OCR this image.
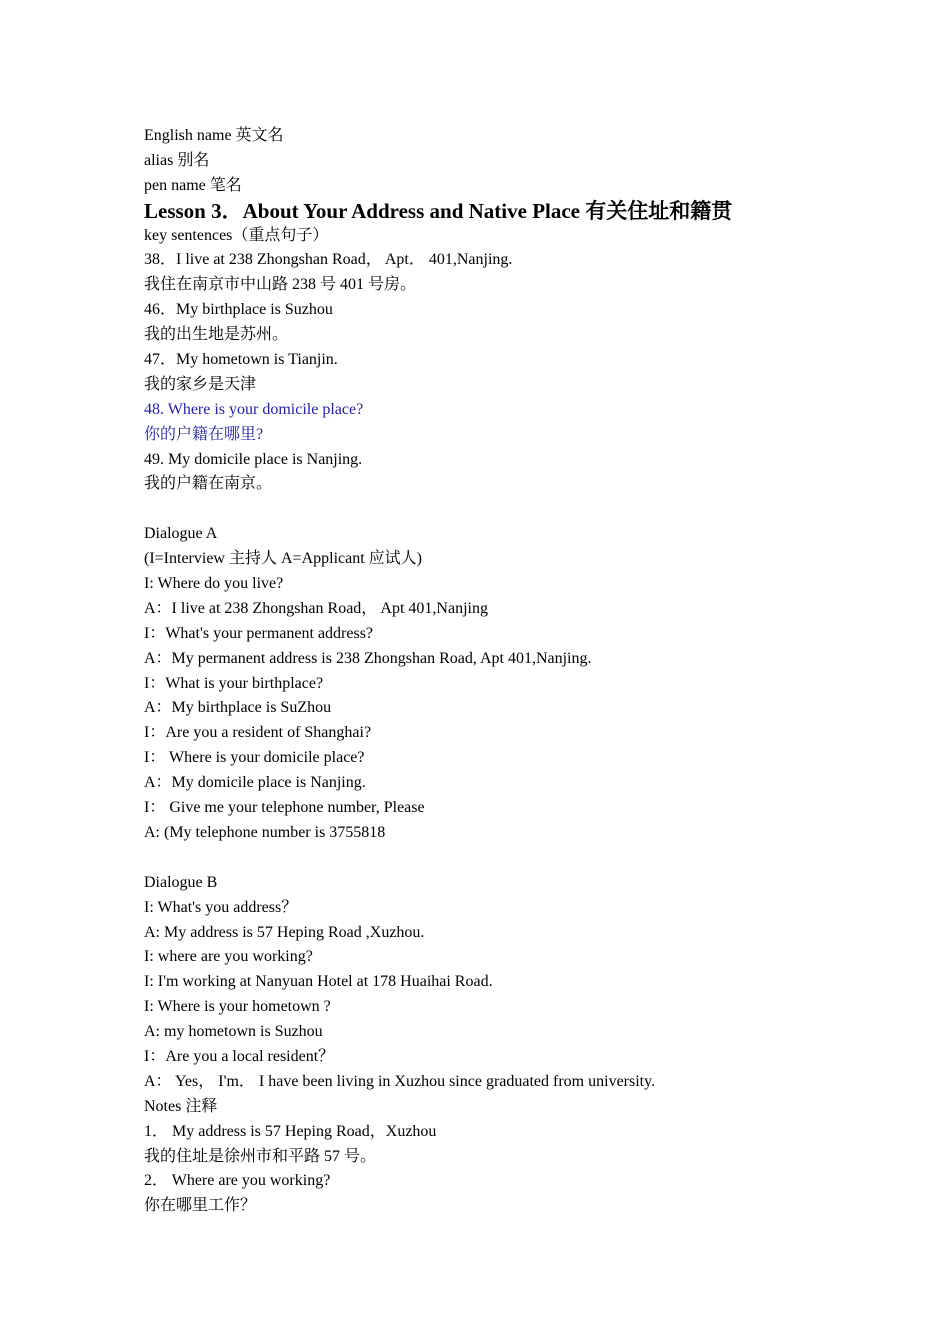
English name 英文名
alias 别名
pen name 笔名
Lesson 3．About Your Address and Native Place 有关住址和籍贯
key sentences（重点句子）
38．I live at 238 Zhongshan Road， Apt． 401,Nanjing.
我住在南京市中山路 238 号 401 号房。
46．My birthplace is Suzhou
我的出生地是苏州。
47．My hometown is Tianjin.
我的家乡是天津
48. Where is your domicile place?
你的户籍在哪里?
49. My domicile place is Nanjing.
我的户籍在南京。
Dialogue A
(I=Interview 主持人 A=Applicant 应试人)
I: Where do you live?
A：I live at 238 Zhongshan Road， Apt 401,Nanjing
I：What's your permanent address?
A：My permanent address is 238 Zhongshan Road, Apt 401,Nanjing.
I：What is your birthplace?
A：My birthplace is SuZhou
I：Are you a resident of Shanghai?
I： Where is your domicile place?
A：My domicile place is Nanjing.
I： Give me your telephone number, Please
A: (My telephone number is 3755818
Dialogue B
I: What's you address？
A: My address is 57 Heping Road ,Xuzhou.
I: where are you working?
I: I'm working at Nanyuan Hotel at 178 Huaihai Road.
I: Where is your hometown ?
A: my hometown is Suzhou
I：Are you a local resident？
A： Yes， I'm． I have been living in Xuzhou since graduated from university.
Notes 注释
1． My address is 57 Heping Road，Xuzhou
我的住址是徐州市和平路 57 号。
2． Where are you working?
你在哪里工作？
